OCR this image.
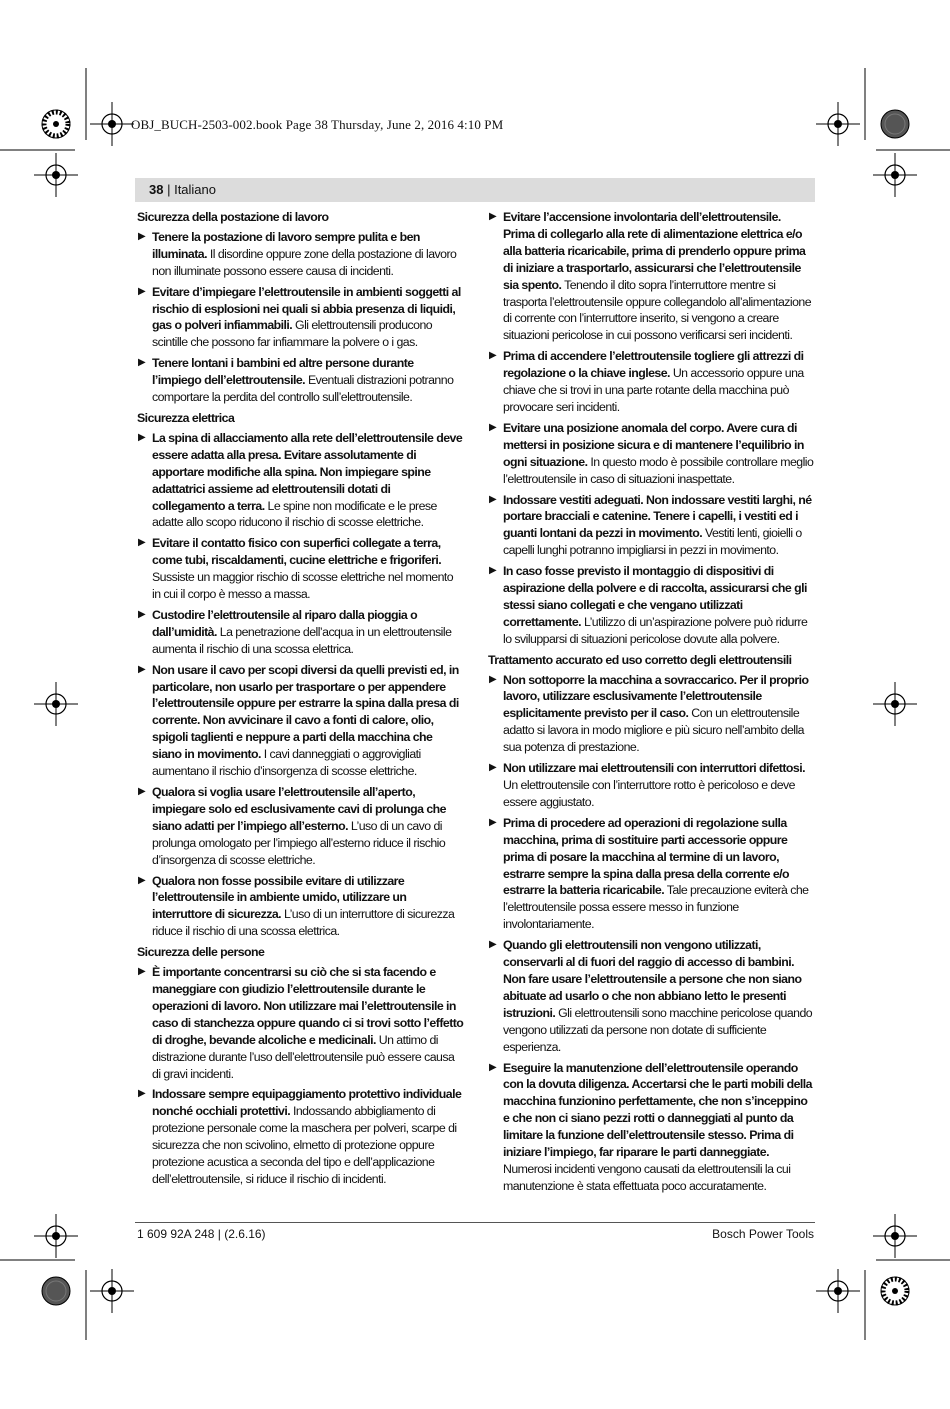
OBJ_BUCH-2503-002.book Page 38 Thursday, June 2, 2016 4:10 PM
38 | Italiano
Sicurezza della postazione di lavoro
▶ Tenere la postazione di lavoro sempre pulita e ben illuminata. Il disordine oppure zone della postazione di lavoro non illuminate possono essere causa di incidenti.
▶ Evitare d’impiegare l’elettroutensile in ambienti soggetti al rischio di esplosioni nei quali si abbia presenza di liquidi, gas o polveri infiammabili. Gli elettroutensili producono scintille che possono far infiammare la polvere o i gas.
▶ Tenere lontani i bambini ed altre persone durante l’impiego dell’elettroutensile. Eventuali distrazioni potranno comportare la perdita del controllo sull’elettroutensile.
Sicurezza elettrica
▶ La spina di allacciamento alla rete dell’elettroutensile deve essere adatta alla presa. Evitare assolutamente di apportare modifiche alla spina. Non impiegare spine adattatrici assieme ad elettroutensili dotati di collegamento a terra. Le spine non modificate e le prese adatte allo scopo riducono il rischio di scosse elettriche.
▶ Evitare il contatto fisico con superfici collegate a terra, come tubi, riscaldamenti, cucine elettriche e frigoriferi. Sussiste un maggior rischio di scosse elettriche nel momento in cui il corpo è messo a massa.
▶ Custodire l’elettroutensile al riparo dalla pioggia o dall’umidità. La penetrazione dell’acqua in un elettroutensile aumenta il rischio di una scossa elettrica.
▶ Non usare il cavo per scopi diversi da quelli previsti ed, in particolare, non usarlo per trasportare o per appendere l’elettroutensile oppure per estrarre la spina dalla presa di corrente. Non avvicinare il cavo a fonti di calore, olio, spigoli taglienti e neppure a parti della macchina che siano in movimento. I cavi danneggiati o aggrovigliati aumentano il rischio d’insorgenza di scosse elettriche.
▶ Qualora si voglia usare l’elettroutensile all’aperto, impiegare solo ed esclusivamente cavi di prolunga che siano adatti per l’impiego all’esterno. L’uso di un cavo di prolunga omologato per l’impiego all’esterno riduce il rischio d’insorgenza di scosse elettriche.
▶ Qualora non fosse possibile evitare di utilizzare l’elettroutensile in ambiente umido, utilizzare un interruttore di sicurezza. L’uso di un interruttore di sicurezza riduce il rischio di una scossa elettrica.
Sicurezza delle persone
▶ È importante concentrarsi su ciò che si sta facendo e maneggiare con giudizio l’elettroutensile durante le operazioni di lavoro. Non utilizzare mai l’elettroutensile in caso di stanchezza oppure quando ci si trovi sotto l’effetto di droghe, bevande alcoliche e medicinali. Un attimo di distrazione durante l’uso dell’elettroutensile può essere causa di gravi incidenti.
▶ Indossare sempre equipaggiamento protettivo individuale nonché occhiali protettivi. Indossando abbigliamento di protezione personale come la maschera per polveri, scarpe di sicurezza che non scivolino, elmetto di protezione oppure protezione acustica a seconda del tipo e dell’applicazione dell’elettroutensile, si riduce il rischio di incidenti.
▶ Evitare l’accensione involontaria dell’elettroutensile. Prima di collegarlo alla rete di alimentazione elettrica e/o alla batteria ricaricabile, prima di prenderlo oppure prima di iniziare a trasportarlo, assicurarsi che l’elettroutensile sia spento. Tenendo il dito sopra l’interruttore mentre si trasporta l’elettroutensile oppure collegandolo all’alimentazione di corrente con l’interruttore inserito, si vengono a creare situazioni pericolose in cui possono verificarsi seri incidenti.
▶ Prima di accendere l’elettroutensile togliere gli attrezzi di regolazione o la chiave inglese. Un accessorio oppure una chiave che si trovi in una parte rotante della macchina può provocare seri incidenti.
▶ Evitare una posizione anomala del corpo. Avere cura di mettersi in posizione sicura e di mantenere l’equilibrio in ogni situazione. In questo modo è possibile controllare meglio l’elettroutensile in caso di situazioni inaspettate.
▶ Indossare vestiti adeguati. Non indossare vestiti larghi, né portare bracciali e catenine. Tenere i capelli, i vestiti ed i guanti lontani da pezzi in movimento. Vestiti lenti, gioielli o capelli lunghi potranno impigliarsi in pezzi in movimento.
▶ In caso fosse previsto il montaggio di dispositivi di aspirazione della polvere e di raccolta, assicurarsi che gli stessi siano collegati e che vengano utilizzati correttamente. L’utilizzo di un’aspirazione polvere può ridurre lo svilupparsi di situazioni pericolose dovute alla polvere.
Trattamento accurato ed uso corretto degli elettroutensili
▶ Non sottoporre la macchina a sovraccarico. Per il proprio lavoro, utilizzare esclusivamente l’elettroutensile esplicitamente previsto per il caso. Con un elettroutensile adatto si lavora in modo migliore e più sicuro nell’ambito della sua potenza di prestazione.
▶ Non utilizzare mai elettroutensili con interruttori difettosi. Un elettroutensile con l’interruttore rotto è pericoloso e deve essere aggiustato.
▶ Prima di procedere ad operazioni di regolazione sulla macchina, prima di sostituire parti accessorie oppure prima di posare la macchina al termine di un lavoro, estrarre sempre la spina dalla presa della corrente e/o estrarre la batteria ricaricabile. Tale precauzione eviterà che l’elettroutensile possa essere messo in funzione involontariamente.
▶ Quando gli elettroutensili non vengono utilizzati, conservarli al di fuori del raggio di accesso di bambini. Non fare usare l’elettroutensile a persone che non siano abituate ad usarlo o che non abbiano letto le presenti istruzioni. Gli elettroutensili sono macchine pericolose quando vengono utilizzati da persone non dotate di sufficiente esperienza.
▶ Eseguire la manutenzione dell’elettroutensile operando con la dovuta diligenza. Accertarsi che le parti mobili della macchina funzionino perfettamente, che non s’inceppino e che non ci siano pezzi rotti o danneggiati al punto da limitare la funzione dell’elettroutensile stesso. Prima di iniziare l’impiego, far riparare le parti danneggiate. Numerosi incidenti vengono causati da elettroutensili la cui manutenzione è stata effettuata poco accuratamente.
1 609 92A 248 | (2.6.16)	Bosch Power Tools
